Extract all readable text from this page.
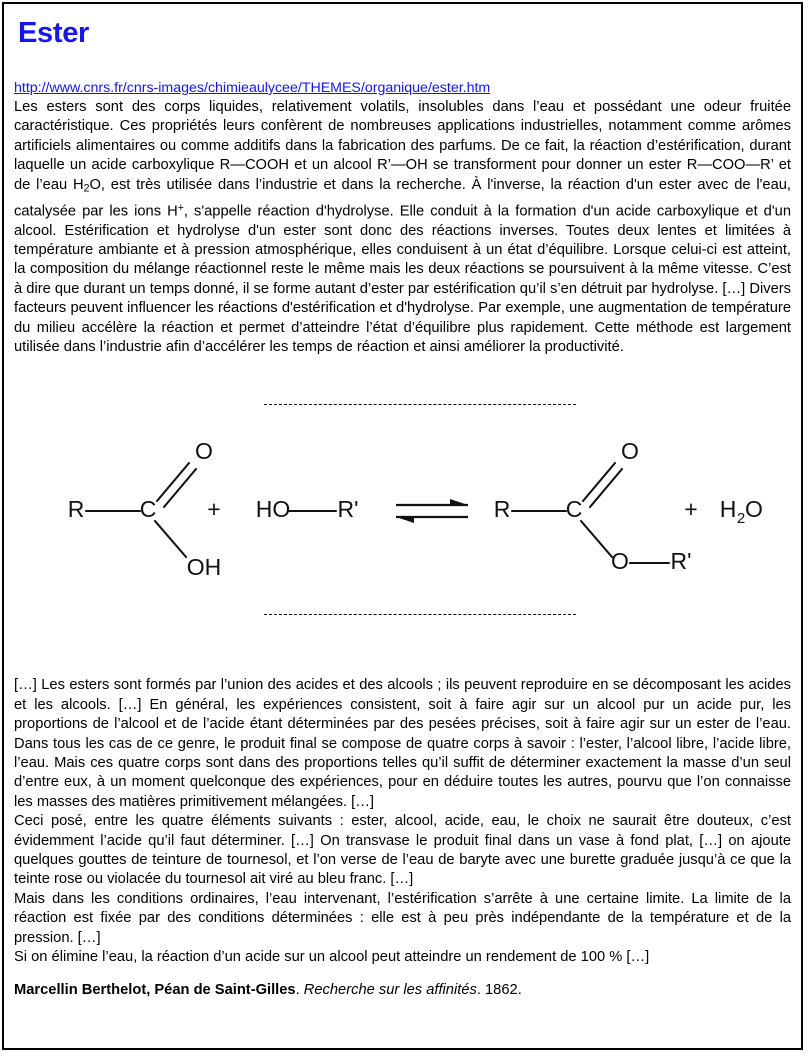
Ester
http://www.cnrs.fr/cnrs-images/chimieaulycee/THEMES/organique/ester.htm

Les esters sont des corps liquides, relativement volatils, insolubles dans l’eau et possédant une odeur fruitée caractéristique. Ces propriétés leurs confèrent de nombreuses applications industrielles, notamment comme arômes artificiels alimentaires ou comme additifs dans la fabrication des parfums. De ce fait, la réaction d’estérification, durant laquelle un acide carboxylique R—COOH et un alcool R’—OH se transforment pour donner un ester R—COO—R’ et de l’eau $H_2O$, est très utilisée dans l’industrie et dans la recherche. À l'inverse, la réaction d'un ester avec de l'eau, catalysée par les ions H+, s'appelle réaction d'hydrolyse. Elle conduit à la formation d'un acide carboxylique et d'un alcool. Estérification et hydrolyse d'un ester sont donc des réactions inverses. Toutes deux lentes et limitées à température ambiante et à pression atmosphérique, elles conduisent à un état d’équilibre. Lorsque celui-ci est atteint, la composition du mélange réactionnel reste le même mais les deux réactions se poursuivent à la même vitesse. C’est à dire que durant un temps donné, il se forme autant d’ester par estérification qu’il s’en détruit par hydrolyse. […] Divers facteurs peuvent influencer les réactions d'estérification et d'hydrolyse. Par exemple, une augmentation de température du milieu accélère la réaction et permet d’atteindre l’état d’équilibre plus rapidement. Cette méthode est largement utilisée dans l’industrie afin d’accélérer les temps de réaction et ainsi améliorer la productivité.

R C
O
OH
+ HO R'	R C
O
O R'
+ H 2 O

[…] Les esters sont formés par l’union des acides et des alcools ; ils peuvent reproduire en se décomposant les acides et les alcools. […] En général, les expériences consistent, soit à faire agir sur un alcool pur un acide pur, les proportions de l’alcool et de l’acide étant déterminées par des pesées précises, soit à faire agir sur un ester de l’eau. Dans tous les cas de ce genre, le produit final se compose de quatre corps à savoir : l’ester, l’alcool libre, l’acide libre, l’eau. Mais ces quatre corps sont dans des proportions telles qu’il suffit de déterminer exactement la masse d’un seul d’entre eux, à un moment quelconque des expériences, pour en déduire toutes les autres, pourvu que l’on connaisse les masses des matières primitivement mélangées. […]

Ceci posé, entre les quatre éléments suivants : ester, alcool, acide, eau, le choix ne saurait être douteux, c’est évidemment l’acide qu’il faut déterminer. […] On transvase le produit final dans un vase à fond plat, […] on ajoute quelques gouttes de teinture de tournesol, et l’on verse de l’eau de baryte avec une burette graduée jusqu’à ce que la teinte rose ou violacée du tournesol ait viré au bleu franc. […]

Mais dans les conditions ordinaires, l’eau intervenant, l’estérification s’arrête à une certaine limite. La limite de la réaction est fixée par des conditions déterminées : elle est à peu près indépendante de la température et de la pression. […]

Si on élimine l’eau, la réaction d’un acide sur un alcool peut atteindre un rendement de 100 % […]

Marcellin Berthelot, Péan de Saint-Gilles. Recherche sur les affinités. 1862.
